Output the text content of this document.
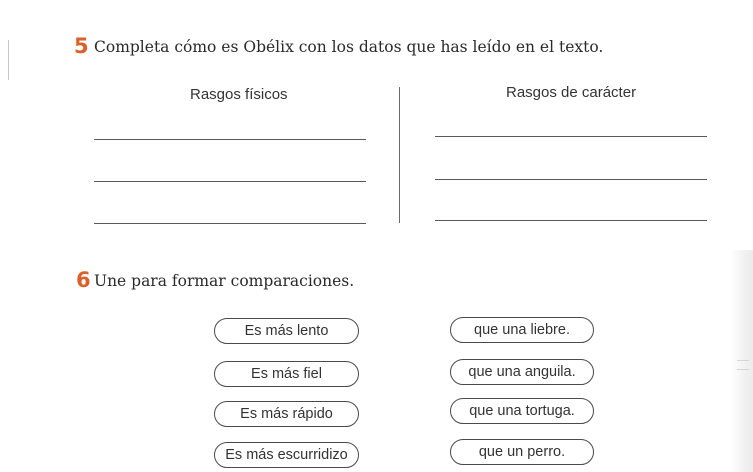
5 Completa cómo es Obélix con los datos que has leído en el texto.
Rasgos físicos	Rasgos de carácter
6 Une para formar comparaciones.
Es más lento
Es más fiel
Es más rápido
Es más escurridizo
que una liebre.
que una anguila.
que una tortuga.
que un perro.
